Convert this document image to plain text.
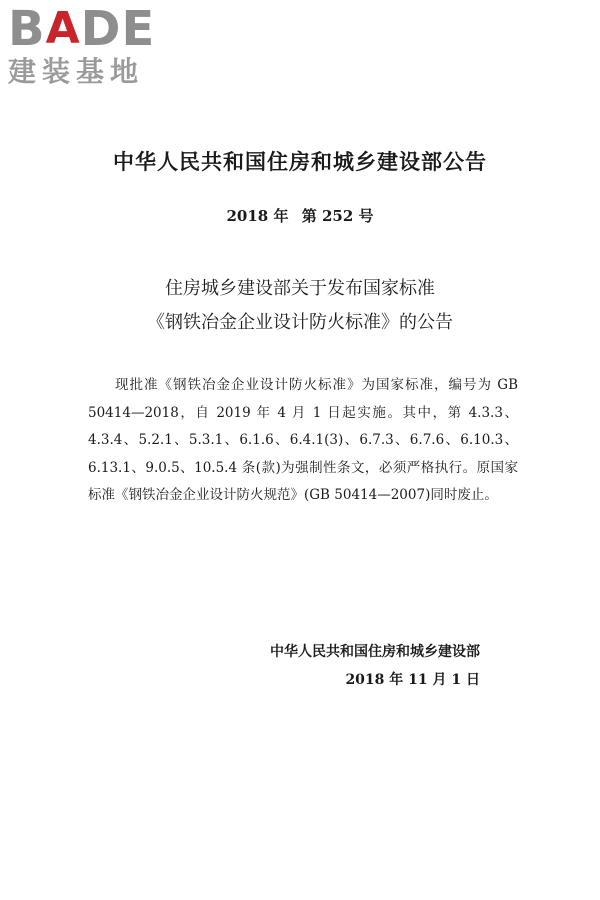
B A DE
建装基地
中华人民共和国住房和城乡建设部公告
2018 年 第 252 号
住房城乡建设部关于发布国家标准
《钢铁冶金企业设计防火标准》的公告

现批准《钢铁冶金企业设计防火标准》为国家标准，编号为 GB 50414—2018，自 2019 年 4 月 1 日起实施。其中，第 4.3.3、4.3.4、5.2.1、5.3.1、6.1.6、6.4.1(3)、6.7.3、6.7.6、6.10.3、6.13.1、9.0.5、10.5.4 条(款)为强制性条文，必须严格执行。原国家标准《钢铁冶金企业设计防火规范》(GB 50414—2007)同时废止。

中华人民共和国住房和城乡建设部
2018 年 11 月 1 日
